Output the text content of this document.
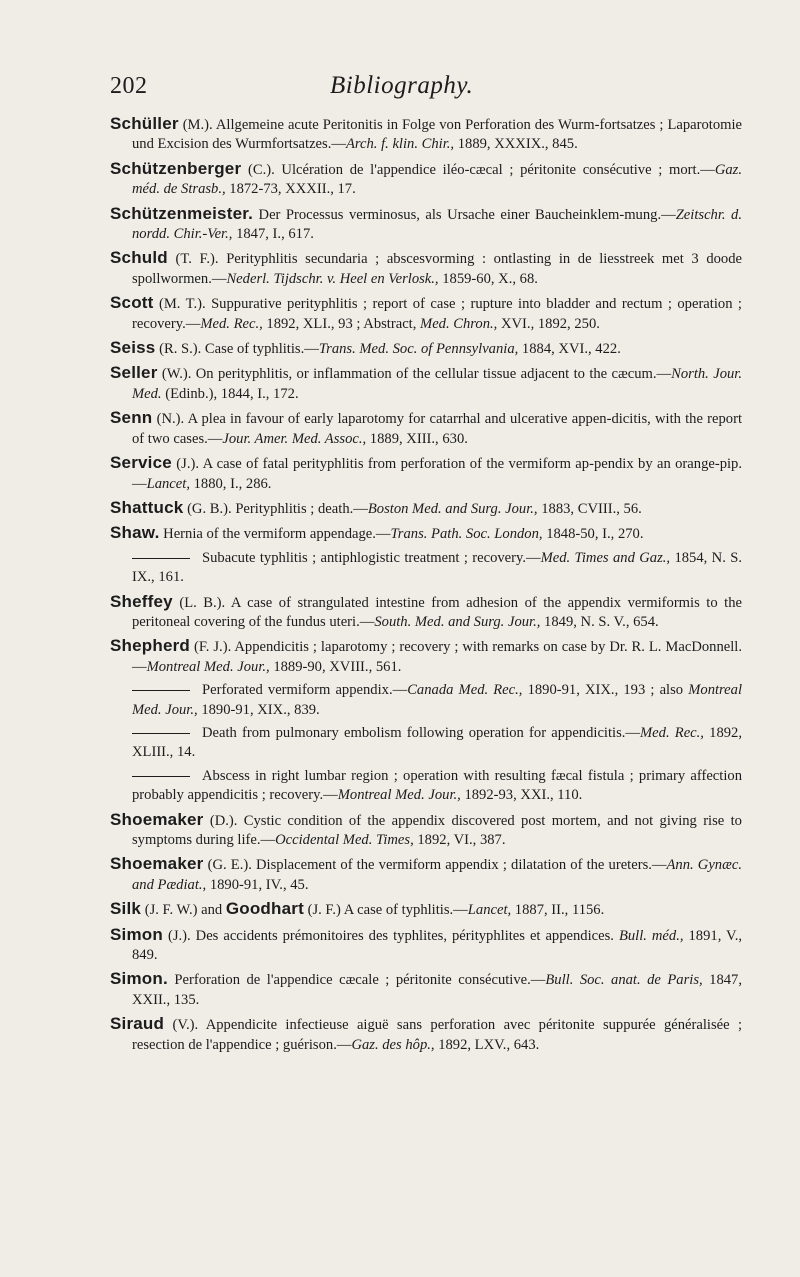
202	Bibliography.

Schüller (M.). Allgemeine acute Peritonitis in Folge von Perforation des Wurm-fortsatzes ; Laparotomie und Excision des Wurmfortsatzes.—Arch. f. klin. Chir., 1889, XXXIX., 845.

Schützenberger (C.). Ulcération de l'appendice iléo-cæcal ; péritonite consécutive ; mort.—Gaz. méd. de Strasb., 1872-73, XXXII., 17.

Schützenmeister. Der Processus verminosus, als Ursache einer Baucheinklem-mung.—Zeitschr. d. nordd. Chir.-Ver., 1847, I., 617.

Schuld (T. F.). Perityphlitis secundaria ; abscesvorming : ontlasting in de liesstreek met 3 doode spollwormen.—Nederl. Tijdschr. v. Heel en Verlosk., 1859-60, X., 68.

Scott (M. T.). Suppurative perityphlitis ; report of case ; rupture into bladder and rectum ; operation ; recovery.—Med. Rec., 1892, XLI., 93 ; Abstract, Med. Chron., XVI., 1892, 250.

Seiss (R. S.). Case of typhlitis.—Trans. Med. Soc. of Pennsylvania, 1884, XVI., 422.

Seller (W.). On perityphlitis, or inflammation of the cellular tissue adjacent to the cæcum.—North. Jour. Med. (Edinb.), 1844, I., 172.

Senn (N.). A plea in favour of early laparotomy for catarrhal and ulcerative appen-dicitis, with the report of two cases.—Jour. Amer. Med. Assoc., 1889, XIII., 630.

Service (J.). A case of fatal perityphlitis from perforation of the vermiform ap-pendix by an orange-pip.—Lancet, 1880, I., 286.

Shattuck (G. B.). Perityphlitis ; death.—Boston Med. and Surg. Jour., 1883, CVIII., 56.

Shaw. Hernia of the vermiform appendage.—Trans. Path. Soc. London, 1848-50, I., 270.

Subacute typhlitis ; antiphlogistic treatment ; recovery.—Med. Times and Gaz., 1854, N. S. IX., 161.

Sheffey (L. B.). A case of strangulated intestine from adhesion of the appendix vermiformis to the peritoneal covering of the fundus uteri.—South. Med. and Surg. Jour., 1849, N. S. V., 654.

Shepherd (F. J.). Appendicitis ; laparotomy ; recovery ; with remarks on case by Dr. R. L. MacDonnell.—Montreal Med. Jour., 1889-90, XVIII., 561.

Perforated vermiform appendix.—Canada Med. Rec., 1890-91, XIX., 193 ; also Montreal Med. Jour., 1890-91, XIX., 839.

Death from pulmonary embolism following operation for appendicitis.—Med. Rec., 1892, XLIII., 14.

Abscess in right lumbar region ; operation with resulting fæcal fistula ; primary affection probably appendicitis ; recovery.—Montreal Med. Jour., 1892-93, XXI., 110.

Shoemaker (D.). Cystic condition of the appendix discovered post mortem, and not giving rise to symptoms during life.—Occidental Med. Times, 1892, VI., 387.

Shoemaker (G. E.). Displacement of the vermiform appendix ; dilatation of the ureters.—Ann. Gynæc. and Pædiat., 1890-91, IV., 45.

Silk (J. F. W.) and Goodhart (J. F.) A case of typhlitis.—Lancet, 1887, II., 1156.

Simon (J.). Des accidents prémonitoires des typhlites, pérityphlites et appendices. Bull. méd., 1891, V., 849.

Simon. Perforation de l'appendice cæcale ; péritonite consécutive.—Bull. Soc. anat. de Paris, 1847, XXII., 135.

Siraud (V.). Appendicite infectieuse aiguë sans perforation avec péritonite suppurée généralisée ; resection de l'appendice ; guérison.—Gaz. des hôp., 1892, LXV., 643.
